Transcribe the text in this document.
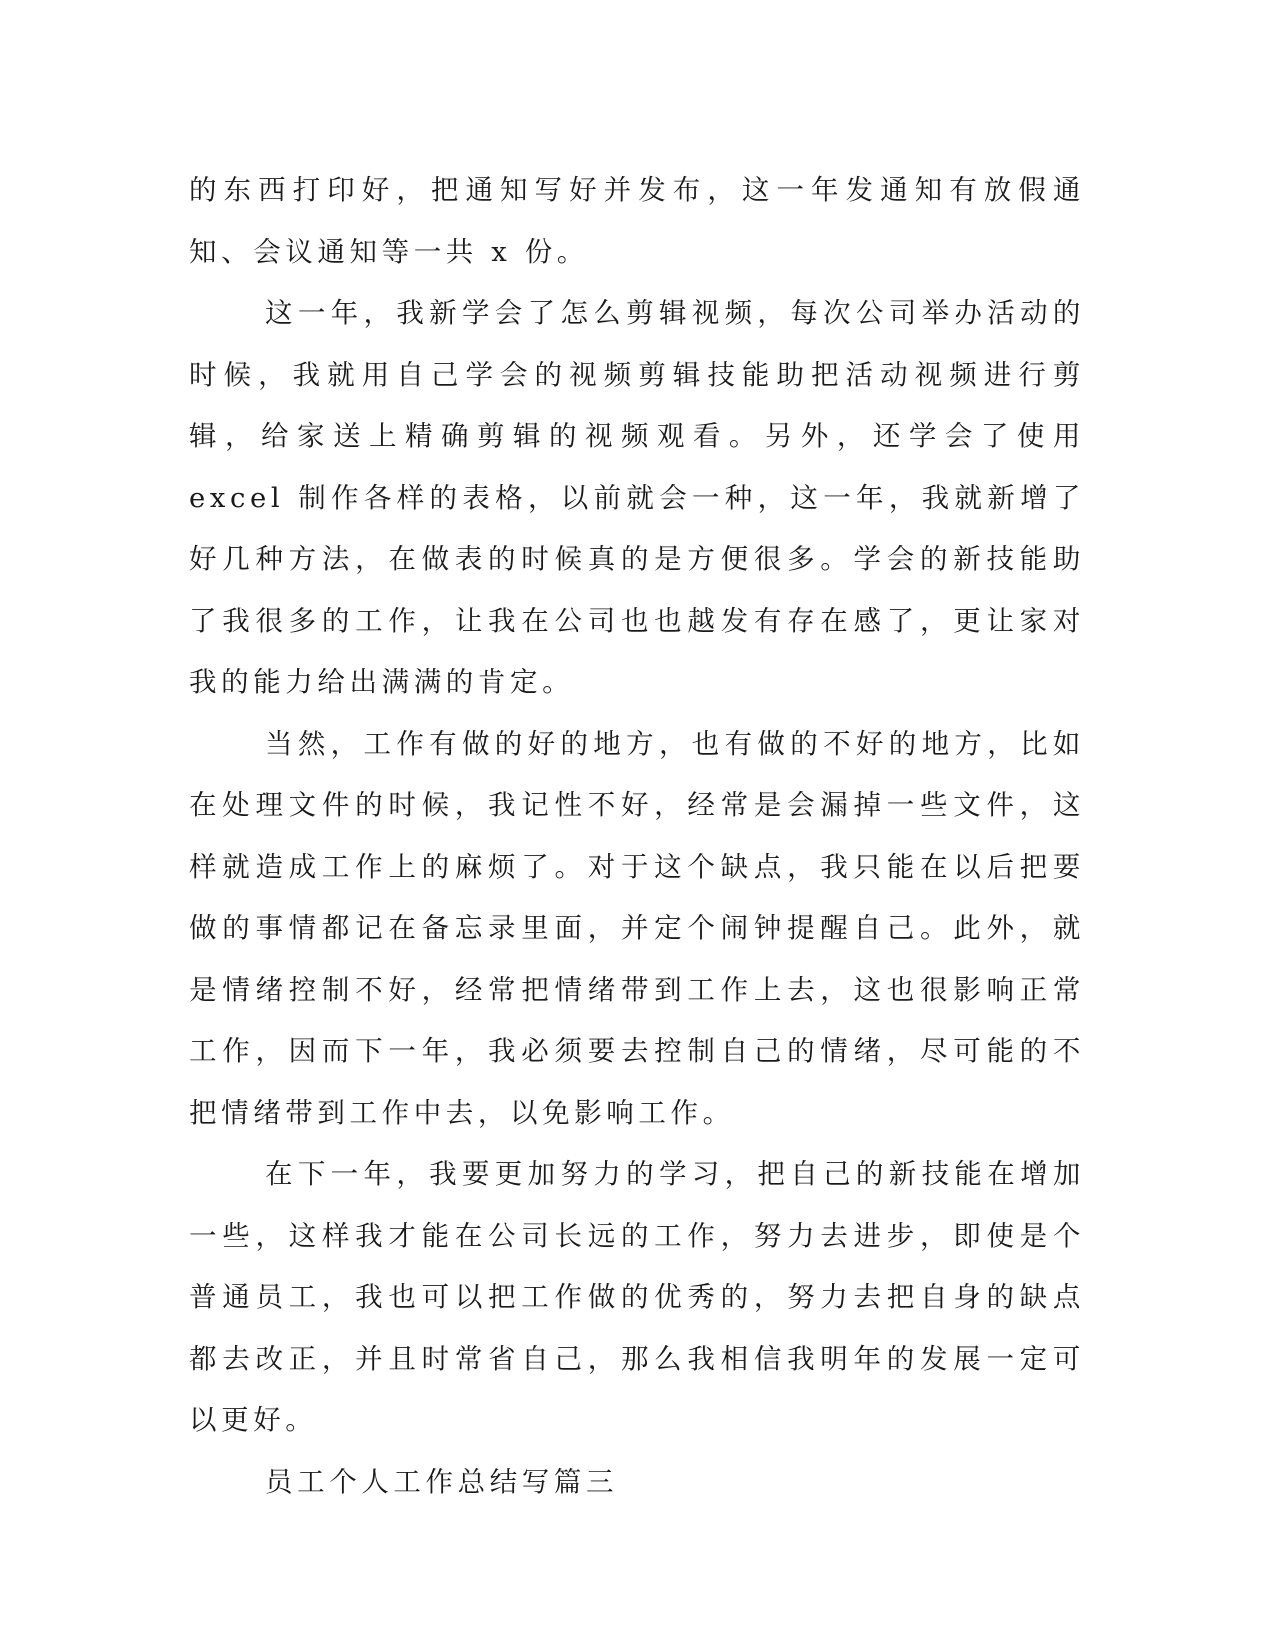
的东西打印好，把通知写好并发布，这一年发通知有放假通知、会议通知等一共 x 份。

这一年，我新学会了怎么剪辑视频，每次公司举办活动的时候，我就用自己学会的视频剪辑技能助把活动视频进行剪辑，给家送上精确剪辑的视频观看。另外，还学会了使用 excel 制作各样的表格，以前就会一种，这一年，我就新增了好几种方法，在做表的时候真的是方便很多。学会的新技能助了我很多的工作，让我在公司也也越发有存在感了，更让家对我的能力给出满满的肯定。

当然，工作有做的好的地方，也有做的不好的地方，比如在处理文件的时候，我记性不好，经常是会漏掉一些文件，这样就造成工作上的麻烦了。对于这个缺点，我只能在以后把要做的事情都记在备忘录里面，并定个闹钟提醒自己。此外，就是情绪控制不好，经常把情绪带到工作上去，这也很影响正常工作，因而下一年，我必须要去控制自己的情绪，尽可能的不把情绪带到工作中去，以免影响工作。

在下一年，我要更加努力的学习，把自己的新技能在增加一些，这样我才能在公司长远的工作，努力去进步，即使是个普通员工，我也可以把工作做的优秀的，努力去把自身的缺点都去改正，并且时常省自己，那么我相信我明年的发展一定可以更好。

员工个人工作总结写篇三
